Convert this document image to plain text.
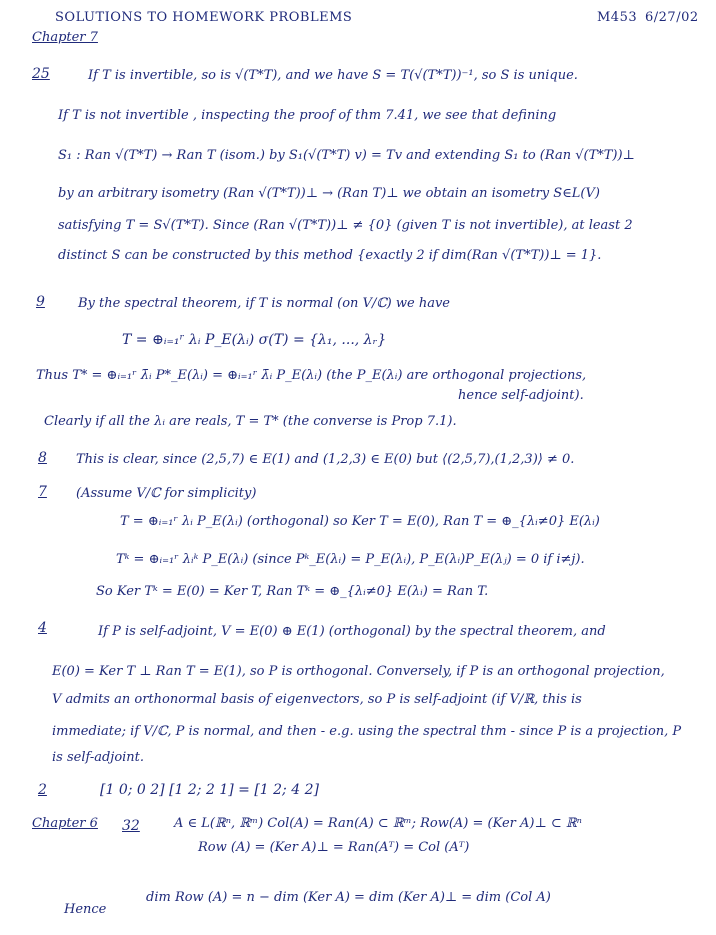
SOLUTIONS TO HOMEWORK PROBLEMS	M453 6/27/02
Chapter 7
25	If T is invertible, so is √(T*T), and we have S = T(√(T*T))⁻¹, so S is unique.
If T is not invertible , inspecting the proof of thm 7.41, we see that defining
S₁ : Ran √(T*T) → Ran T (isom.) by S₁(√(T*T) v) = Tv and extending S₁ to (Ran √(T*T))⊥
by an arbitrary isometry (Ran √(T*T))⊥ → (Ran T)⊥ we obtain an isometry S∈L(V)
satisfying T = S√(T*T). Since (Ran √(T*T))⊥ ≠ {0} (given T is not invertible), at least 2
distinct S can be constructed by this method {exactly 2 if dim(Ran √(T*T))⊥ = 1}.
9	By the spectral theorem, if T is normal (on V/ℂ) we have
T = ⊕ᵢ₌₁ʳ λᵢ P_E(λᵢ) σ(T) = {λ₁, ..., λᵣ}
Thus T* = ⊕ᵢ₌₁ʳ λ̄ᵢ P*_E(λᵢ) = ⊕ᵢ₌₁ʳ λ̄ᵢ P_E(λᵢ) (the P_E(λᵢ) are orthogonal projections,
hence self-adjoint).
Clearly if all the λᵢ are reals, T = T* (the converse is Prop 7.1).
8 This is clear, since (2,5,7) ∈ E(1) and (1,2,3) ∈ E(0) but ⟨(2,5,7),(1,2,3)⟩ ≠ 0.
7 (Assume V/ℂ for simplicity)
T = ⊕ᵢ₌₁ʳ λᵢ P_E(λᵢ) (orthogonal) so Ker T = E(0), Ran T = ⊕_{λᵢ≠0} E(λᵢ)
Tᵏ = ⊕ᵢ₌₁ʳ λᵢᵏ P_E(λᵢ) (since Pᵏ_E(λᵢ) = P_E(λᵢ), P_E(λᵢ)P_E(λⱼ) = 0 if i≠j).
So Ker Tᵏ = E(0) = Ker T, Ran Tᵏ = ⊕_{λᵢ≠0} E(λᵢ) = Ran T.
4	If P is self-adjoint, V = E(0) ⊕ E(1) (orthogonal) by the spectral theorem, and
E(0) = Ker T ⊥ Ran T = E(1), so P is orthogonal. Conversely, if P is an orthogonal projection,
V admits an orthonormal basis of eigenvectors, so P is self-adjoint (if V/ℝ, this is
immediate; if V/ℂ, P is normal, and then - e.g. using the spectral thm - since P is a projection, P
is self-adjoint.
2	[1 0; 0 2] [1 2; 2 1] = [1 2; 4 2]
Chapter 6 32	A ∈ L(ℝⁿ, ℝᵐ) Col(A) = Ran(A) ⊂ ℝᵐ; Row(A) = (Ker A)⊥ ⊂ ℝⁿ
Row (A) = (Ker A)⊥ = Ran(Aᵀ) = Col (Aᵀ)
Hence
dim Row (A) = n − dim (Ker A) = dim (Ker A)⊥ = dim (Col A)
